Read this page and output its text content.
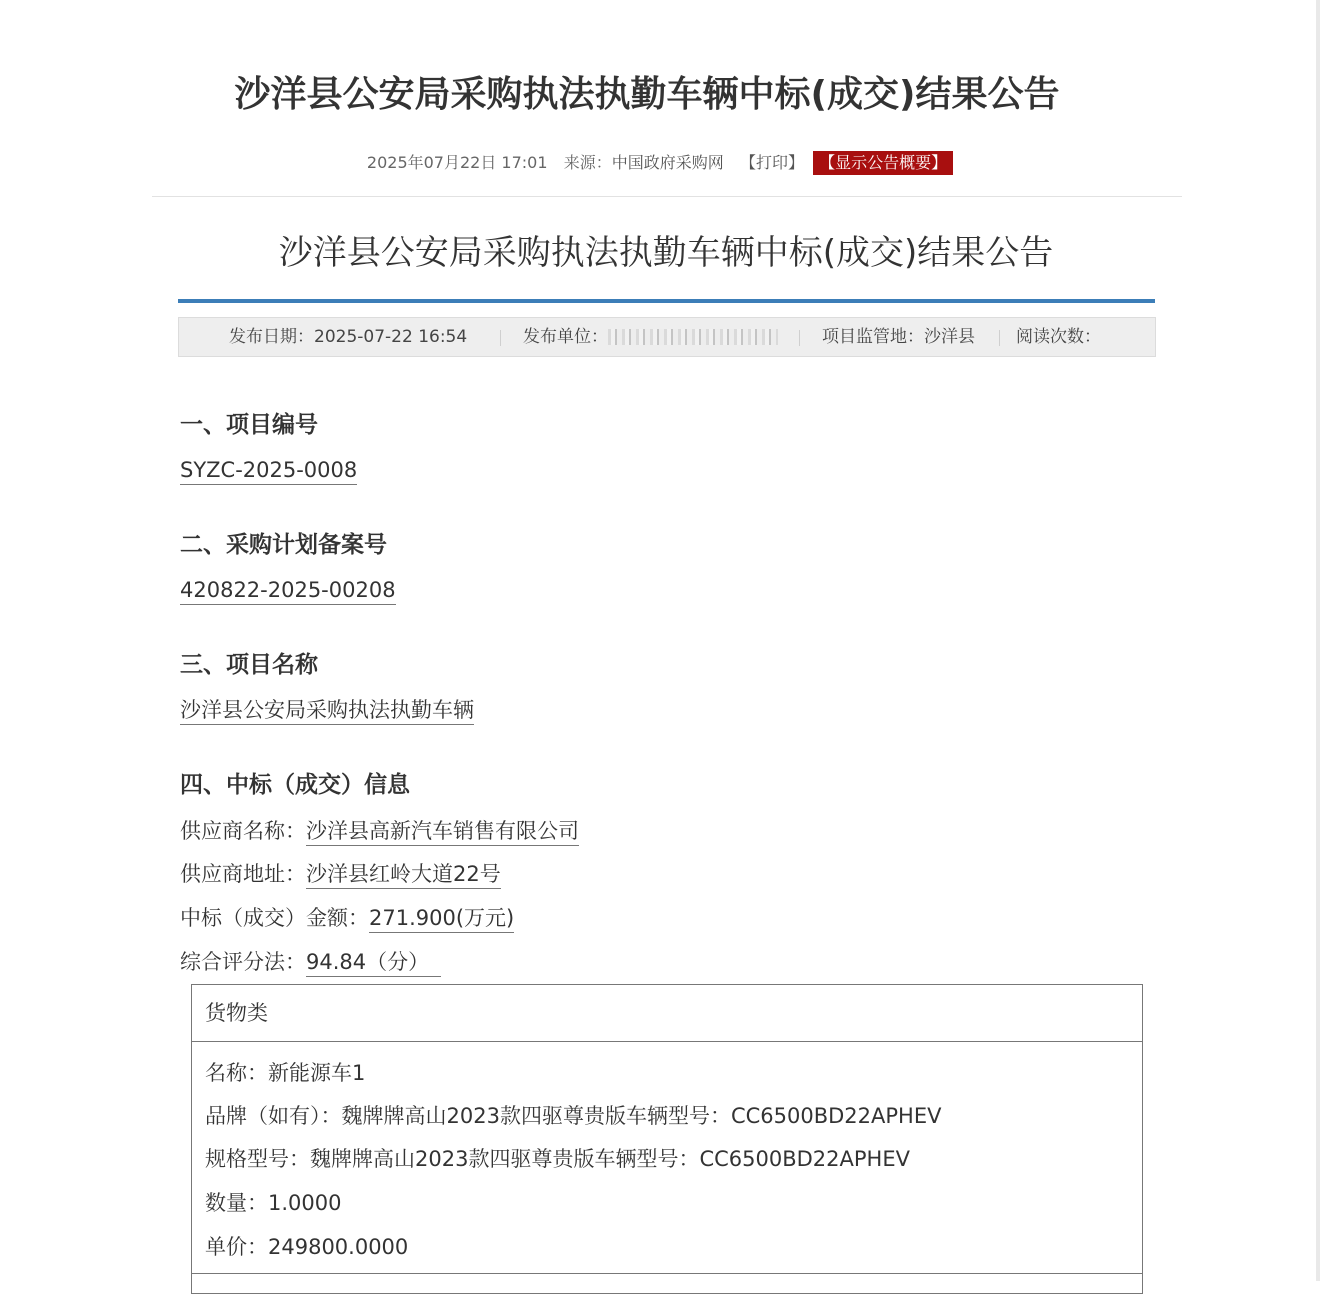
沙洋县公安局采购执法执勤车辆中标(成交)结果公告
2025年07月22日 17:01 来源：中国政府采购网 【打印】 【显示公告概要】
沙洋县公安局采购执法执勤车辆中标(成交)结果公告
发布日期：2025-07-22 16:54	发布单位：	项目监管地：沙洋县 阅读次数：
一、项目编号
SYZC-2025-0008
二、采购计划备案号
420822-2025-00208
三、项目名称
沙洋县公安局采购执法执勤车辆
四、中标（成交）信息
供应商名称：沙洋县高新汽车销售有限公司
供应商地址：沙洋县红岭大道22号
中标（成交）金额：271.900(万元)
综合评分法：94.84（分）
货物类
名称：新能源车1
品牌（如有）：魏牌牌高山2023款四驱尊贵版车辆型号：CC6500BD22APHEV
规格型号：魏牌牌高山2023款四驱尊贵版车辆型号：CC6500BD22APHEV
数量：1.0000
单价：249800.0000
